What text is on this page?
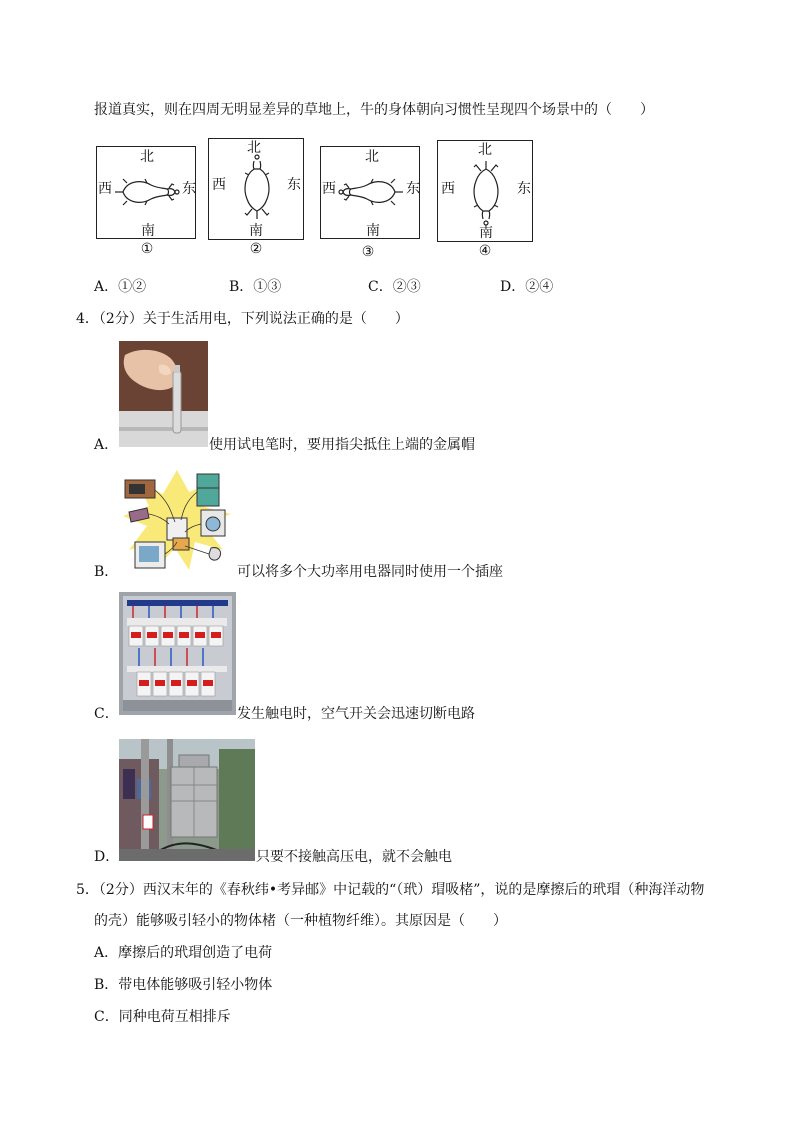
报道真实，则在四周无明显差异的草地上，牛的身体朝向习惯性呈现四个场景中的（　　）
北
西	东
南
①
北
西	东
南
②
北
西	东
南
③
北
西	东
南
④
A．①②	B．①③	C．②③	D．②④
4．（2分）关于生活用电，下列说法正确的是（　　）
A．	使用试电笔时，要用指尖抵住上端的金属帽
B．	可以将多个大功率用电器同时使用一个插座
C．	发生触电时，空气开关会迅速切断电路
D．	只要不接触高压电，就不会触电
5．（2分）西汉末年的《春秋纬•考异邮》中记载的“（玳）瑁吸楮”，说的是摩擦后的玳瑁（种海洋动物
的壳）能够吸引轻小的物体楮（一种植物纤维）。其原因是（　　）
A．摩擦后的玳瑁创造了电荷
B．带电体能够吸引轻小物体
C．同种电荷互相排斥
